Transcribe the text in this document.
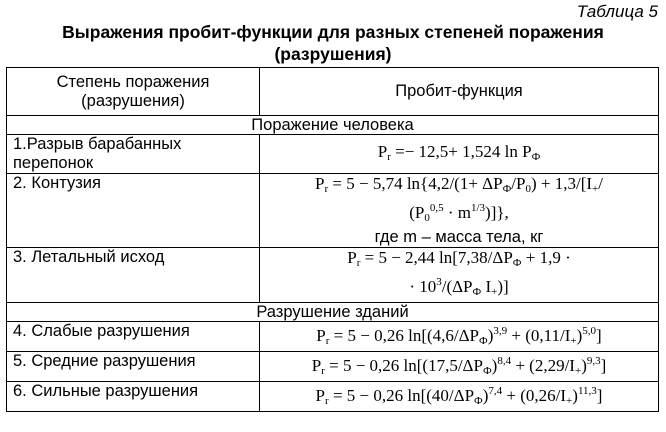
Таблица 5
Выражения пробит-функции для разных степеней поражения
(разрушения)
Степень поражения
(разрушения)	Пробит-функция
Поражение человека	

1.Разрыв барабанных
перепонок	$P_r =- 12,5+ 1,524$ $\ln P_Ф$
2. Контузия	$P_r = 5 - 5,74$ $\ln\{4,2/(1+ \Delta P_Ф/P_0) + 1,3/[I_+/$
$(P_0^{0,5} \cdot m^{1/3})$]},
где m – масса тела, кг

3. Летальный исход	$P_r = 5 - 2,44$ $\ln[7,38/\Delta P_Ф + 1,9$ ·
· $10^3/(\Delta P_Ф$ $I_+$)]

Разрушение зданий	
4. Слабые разрушения	$P_r = 5 - 0,26$ $\ln[(4,6/\Delta P_Ф)^{3,9} + (0,11/I_+)^{5,0}]$
5. Средние разрушения	$P_r = 5 - 0,26$ $\ln[(17,5/\Delta P_Ф)^{8,4} + (2,29/I_+)^{9,3}]$
6. Сильные разрушения	$P_r = 5 - 0,26$ $\ln[(40/\Delta P_Ф)^{7,4} + (0,26/I_+)^{11,3}]$
